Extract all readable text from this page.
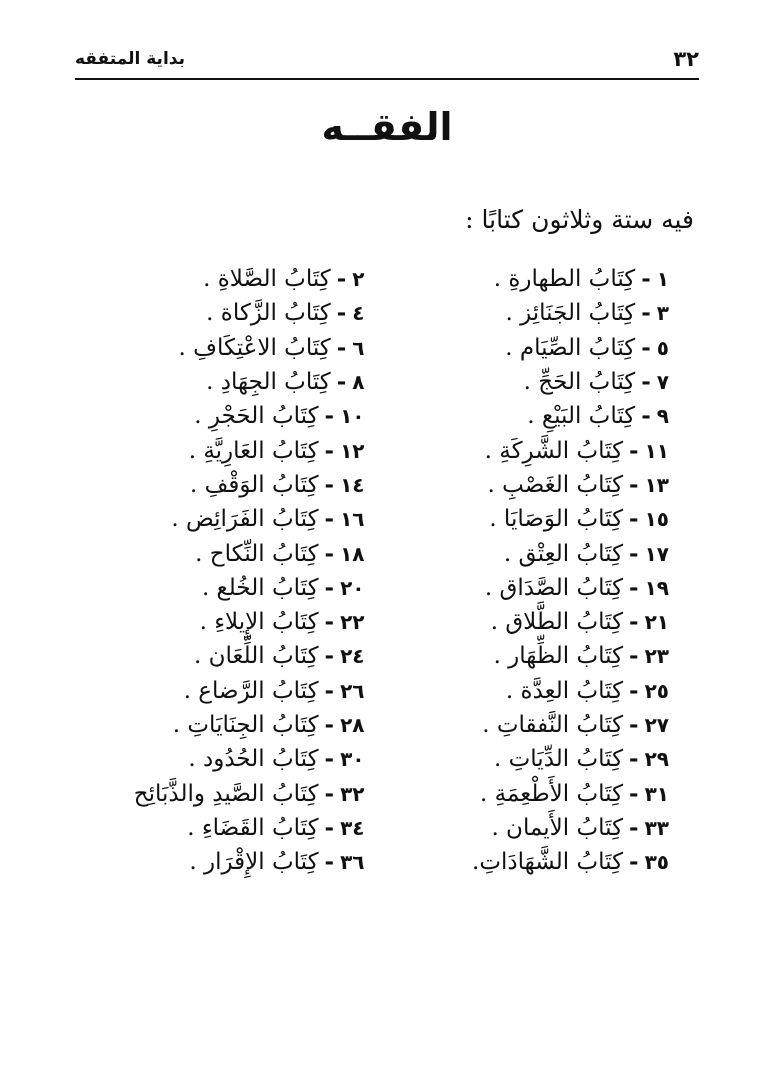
٣٢
بداية المتفقه
الفقــه
فيه ستة وثلاثون كتابًا :
١
-
كِتَابُ الطهارةِ .
٢
-
كِتَابُ الصَّلاةِ .
٣
-
كِتَابُ الجَنَائِز .
٤
-
كِتَابُ الزَّكاة .
٥
-
كِتَابُ الصِّيَام .
٦
-
كِتَابُ الاعْتِكَافِ .
٧
-
كِتَابُ الحَجِّ .
٨
-
كِتَابُ الجِهَادِ .
٩
-
كِتَابُ البَيْعِ .
١٠
-
كِتَابُ الحَجْرِ .
١١
-
كِتَابُ الشَّرِكَةِ .
١٢
-
كِتَابُ العَارِيَّةِ .
١٣
-
كِتَابُ الغَصْبِ .
١٤
-
كِتَابُ الوَقْفِ .
١٥
-
كِتَابُ الوَصَايَا .
١٦
-
كِتَابُ الفَرَائِض .
١٧
-
كِتَابُ العِتْق .
١٨
-
كِتَابُ النِّكاح .
١٩
-
كِتَابُ الصَّدَاق .
٢٠
-
كِتَابُ الخُلع .
٢١
-
كِتَابُ الطَّلاق .
٢٢
-
كِتَابُ الإِيلاءِ .
٢٣
-
كِتَابُ الظِّهَار .
٢٤
-
كِتَابُ اللِّعَان .
٢٥
-
كِتَابُ العِدَّة .
٢٦
-
كِتَابُ الرَّضاع .
٢٧
-
كِتَابُ النَّفقاتِ .
٢٨
-
كِتَابُ الجِنَايَاتِ .
٢٩
-
كِتَابُ الدِّيَاتِ .
٣٠
-
كِتَابُ الحُدُود .
٣١
-
كِتَابُ الأَطْعِمَةِ .
٣٢
-
كِتَابُ الصَّيدِ والذَّبَائِح
٣٣
-
كِتَابُ الأَيمان .
٣٤
-
كِتَابُ القَضَاءِ .
٣٥
-
كِتَابُ الشَّهَادَاتِ.
٣٦
-
كِتَابُ الإِقْرَار .
